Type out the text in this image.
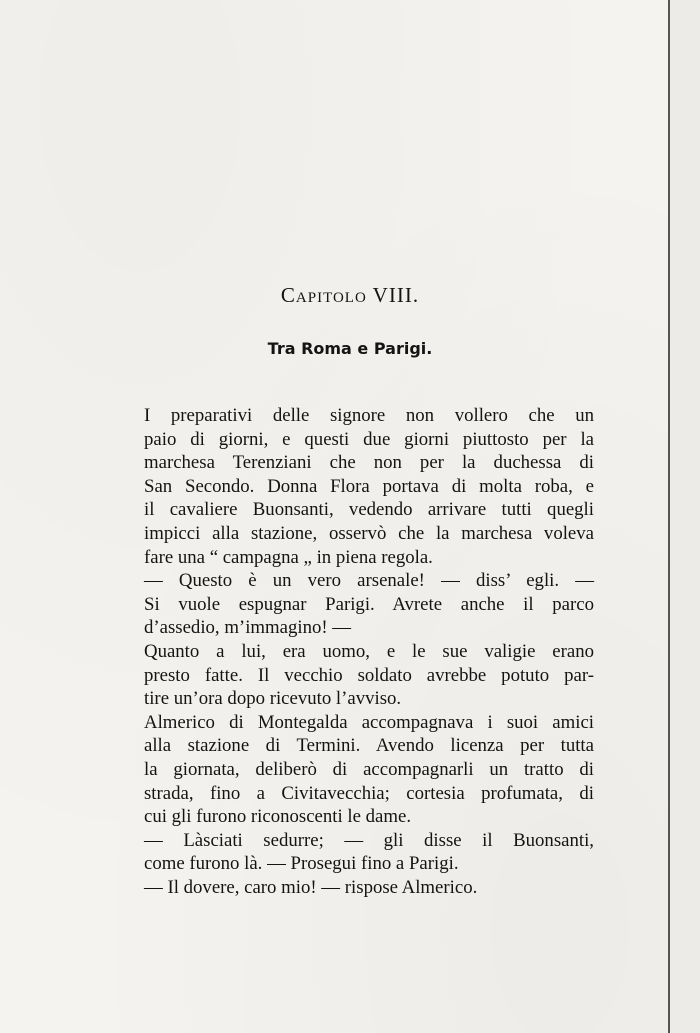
Capitolo VIII.
Tra Roma e Parigi.

I preparativi delle signore non vollero che un
paio di giorni, e questi due giorni piuttosto per la
marchesa Terenziani che non per la duchessa di
San Secondo. Donna Flora portava di molta roba, e
il cavaliere Buonsanti, vedendo arrivare tutti quegli
impicci alla stazione, osservò che la marchesa voleva
fare una “ campagna „ in piena regola.

— Questo è un vero arsenale! — diss’ egli. —
Si vuole espugnar Parigi. Avrete anche il parco
d’assedio, m’immagino! —

Quanto a lui, era uomo, e le sue valigie erano
presto fatte. Il vecchio soldato avrebbe potuto par-
tire un’ora dopo ricevuto l’avviso.

Almerico di Montegalda accompagnava i suoi amici
alla stazione di Termini. Avendo licenza per tutta
la giornata, deliberò di accompagnarli un tratto di
strada, fino a Civitavecchia; cortesia profumata, di
cui gli furono riconoscenti le dame.

— Làsciati sedurre; — gli disse il Buonsanti,
come furono là. — Prosegui fino a Parigi.

— Il dovere, caro mio! — rispose Almerico.
